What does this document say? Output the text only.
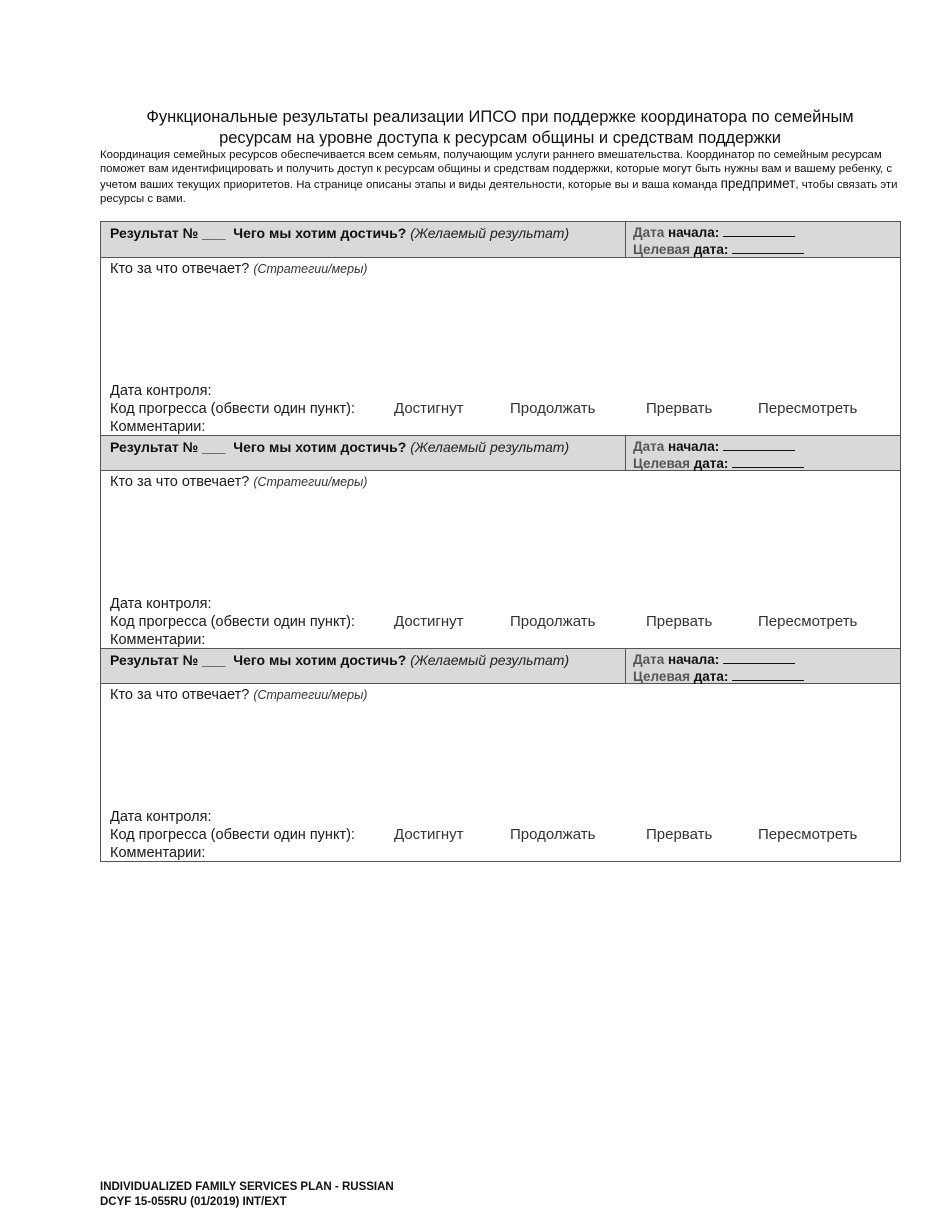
Функциональные результаты реализации ИПСО при поддержке координатора по семейным
ресурсам на уровне доступа к ресурсам общины и средствам поддержки
Координация семейных ресурсов обеспечивается всем семьям, получающим услуги раннего вмешательства. Координатор по семейным ресурсам поможет вам идентифицировать и получить доступ к ресурсам общины и средствам поддержки, которые могут быть нужны вам и вашему ребенку, с учетом ваших текущих приоритетов. На странице описаны этапы и виды деятельности, которые вы и ваша команда предпримет, чтобы связать эти ресурсы с вами.
Результат № ___ Чего мы хотим достичь? (Желаемый результат)	Дата начала:
Целевая дата:
Кто за что отвечает? (Стратегии/меры)
Дата контроля:
Код прогресса (обвести один пункт):	Достигнут	Продолжать	Прервать	Пересмотреть
Комментарии:
Результат № ___ Чего мы хотим достичь? (Желаемый результат)	Дата начала:
Целевая дата:
Кто за что отвечает? (Стратегии/меры)
Дата контроля:
Код прогресса (обвести один пункт):	Достигнут	Продолжать	Прервать	Пересмотреть
Комментарии:
Результат № ___ Чего мы хотим достичь? (Желаемый результат)	Дата начала:
Целевая дата:
Кто за что отвечает? (Стратегии/меры)
Дата контроля:
Код прогресса (обвести один пункт):	Достигнут	Продолжать	Прервать	Пересмотреть
Комментарии:
INDIVIDUALIZED FAMILY SERVICES PLAN - RUSSIAN
DCYF 15-055RU (01/2019) INT/EXT
